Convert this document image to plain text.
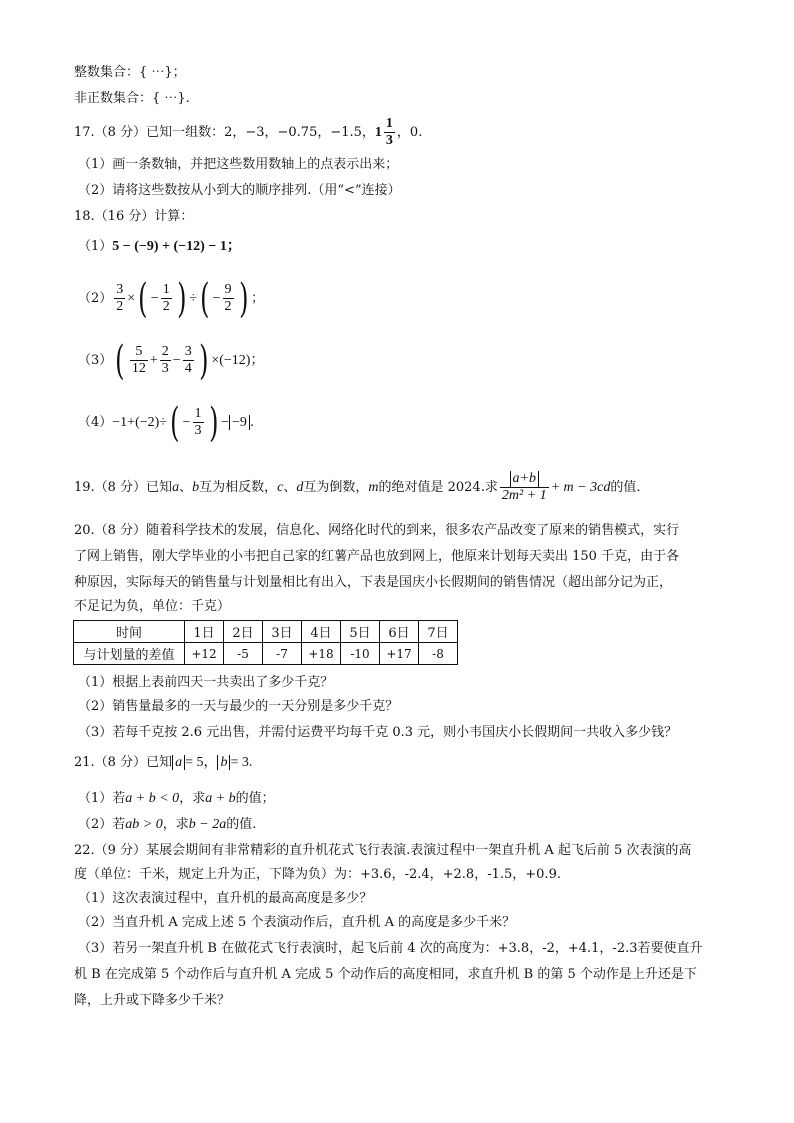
整数集合：{ ⋯}；
非正数集合：{ ⋯}.
17.（8 分）已知一组数：2，−3，−0.75，−1.5，$1 \frac{1}{3}$ ，0.
（1）画一条数轴，并把这些数用数轴上的点表示出来；
（2）请将这些数按从小到大的顺序排列.（用“<”连接）
18.（16 分）计算：
（1）5 − (−9) + (−12) − 1；
$(2) \frac{3}{2}$ ×( − $\frac{1}{2}$ ) ÷( − $\frac{9}{2}$ ) ；
$(3)( \frac{5}{12} + \frac{2}{3} - \frac{3}{4}$ ) ×(−12)；
$(4)-1+(-2)\div( - \frac{1}{3}$ ) − −9 .
19.（8 分）已知a、b互为相反数，c、d互为倒数，m的绝对值是 2024.求 $\frac{a+b}{\text{2m² + 1}} + m - 3cd$的值.
20.（8 分）随着科学技术的发展，信息化、网络化时代的到来，很多农产品改变了原来的销售模式，实行
了网上销售，刚大学毕业的小韦把自己家的红薯产品也放到网上，他原来计划每天卖出 150 千克，由于各
种原因，实际每天的销售量与计划量相比有出入，下表是国庆小长假期间的销售情况（超出部分记为正，
不足记为负，单位：千克）
时间	1日	2日	3日	4日	5日	6日	7日
与计划量的差值	+12	-5	-7	+18	-10	+17	-8
（1）根据上表前四天一共卖出了多少千克？
（2）销售量最多的一天与最少的一天分别是多少千克？
（3）若每千克按 2.6 元出售，并需付运费平均每千克 0.3 元，则小韦国庆小长假期间一共收入多少钱？
21.（8 分）已知 a = 5， b = 3.
（1）若a + b < 0，求a + b的值；
（2）若ab > 0，求b − 2a的值.
22.（9 分）某展会期间有非常精彩的直升机花式飞行表演.表演过程中一架直升机 A 起飞后前 5 次表演的高
度（单位：千米，规定上升为正，下降为负）为：+3.6，-2.4，+2.8，-1.5，+0.9.
（1）这次表演过程中，直升机的最高高度是多少？
（2）当直升机 A 完成上述 5 个表演动作后，直升机 A 的高度是多少千米？
（3）若另一架直升机 B 在做花式飞行表演时，起飞后前 4 次的高度为：+3.8，-2，+4.1，-2.3若要使直升
机 B 在完成第 5 个动作后与直升机 A 完成 5 个动作后的高度相同，求直升机 B 的第 5 个动作是上升还是下
降，上升或下降多少千米？
